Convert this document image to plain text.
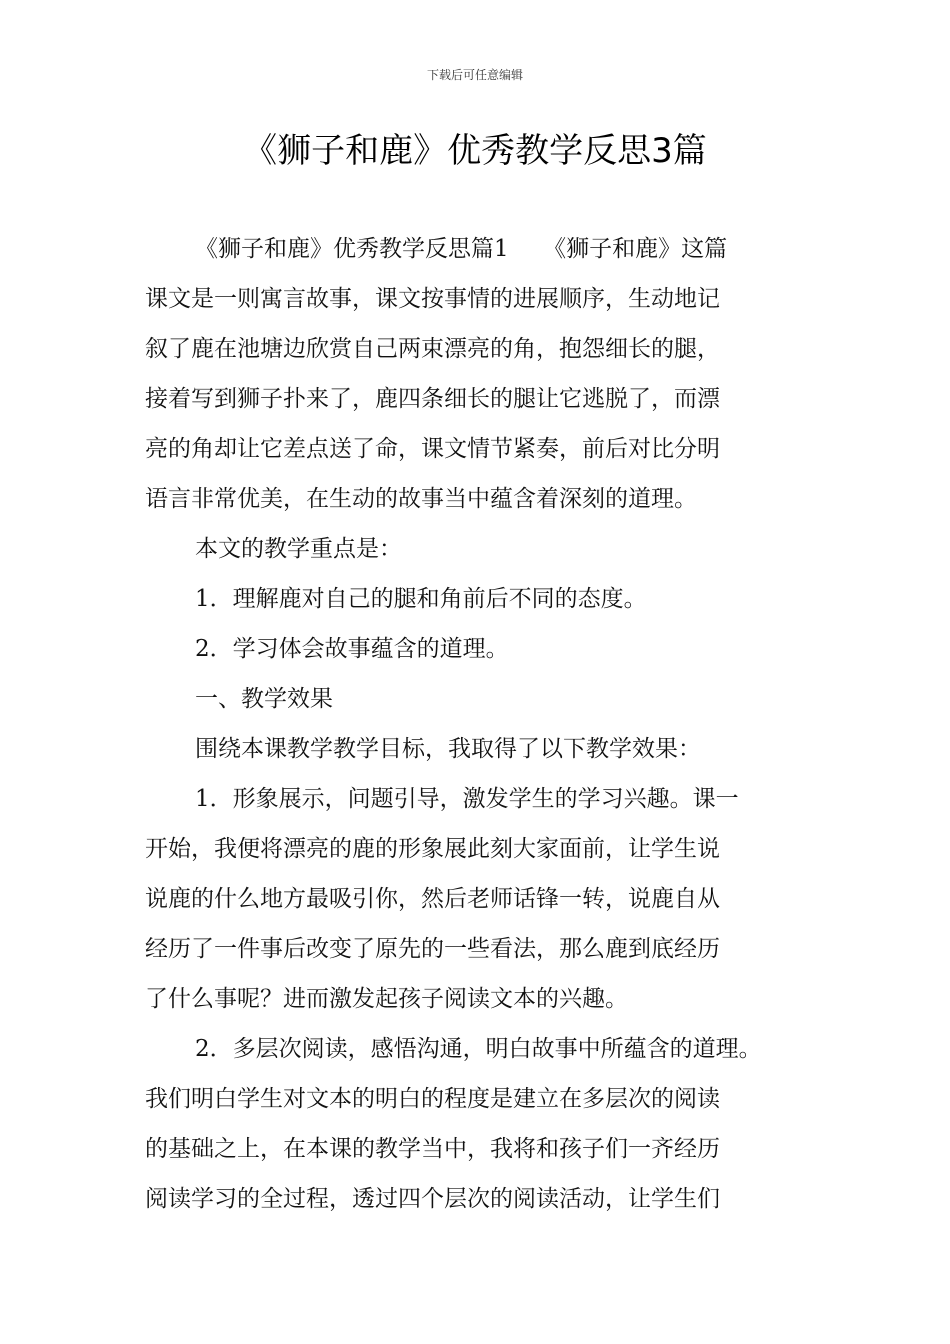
下载后可任意编辑
《狮子和鹿》优秀教学反思3篇
《狮子和鹿》优秀教学反思篇1　　《狮子和鹿》这篇
课文是一则寓言故事，课文按事情的进展顺序，生动地记
叙了鹿在池塘边欣赏自己两束漂亮的角，抱怨细长的腿，
接着写到狮子扑来了，鹿四条细长的腿让它逃脱了，而漂
亮的角却让它差点送了命，课文情节紧奏，前后对比分明
语言非常优美，在生动的故事当中蕴含着深刻的道理。
本文的教学重点是：
1．理解鹿对自己的腿和角前后不同的态度。
2．学习体会故事蕴含的道理。
一、教学效果
围绕本课教学教学目标，我取得了以下教学效果：
1．形象展示，问题引导，激发学生的学习兴趣。课一
开始，我便将漂亮的鹿的形象展此刻大家面前，让学生说
说鹿的什么地方最吸引你，然后老师话锋一转，说鹿自从
经历了一件事后改变了原先的一些看法，那么鹿到底经历
了什么事呢？进而激发起孩子阅读文本的兴趣。
2．多层次阅读，感悟沟通，明白故事中所蕴含的道理。
我们明白学生对文本的明白的程度是建立在多层次的阅读
的基础之上，在本课的教学当中，我将和孩子们一齐经历
阅读学习的全过程，透过四个层次的阅读活动，让学生们
